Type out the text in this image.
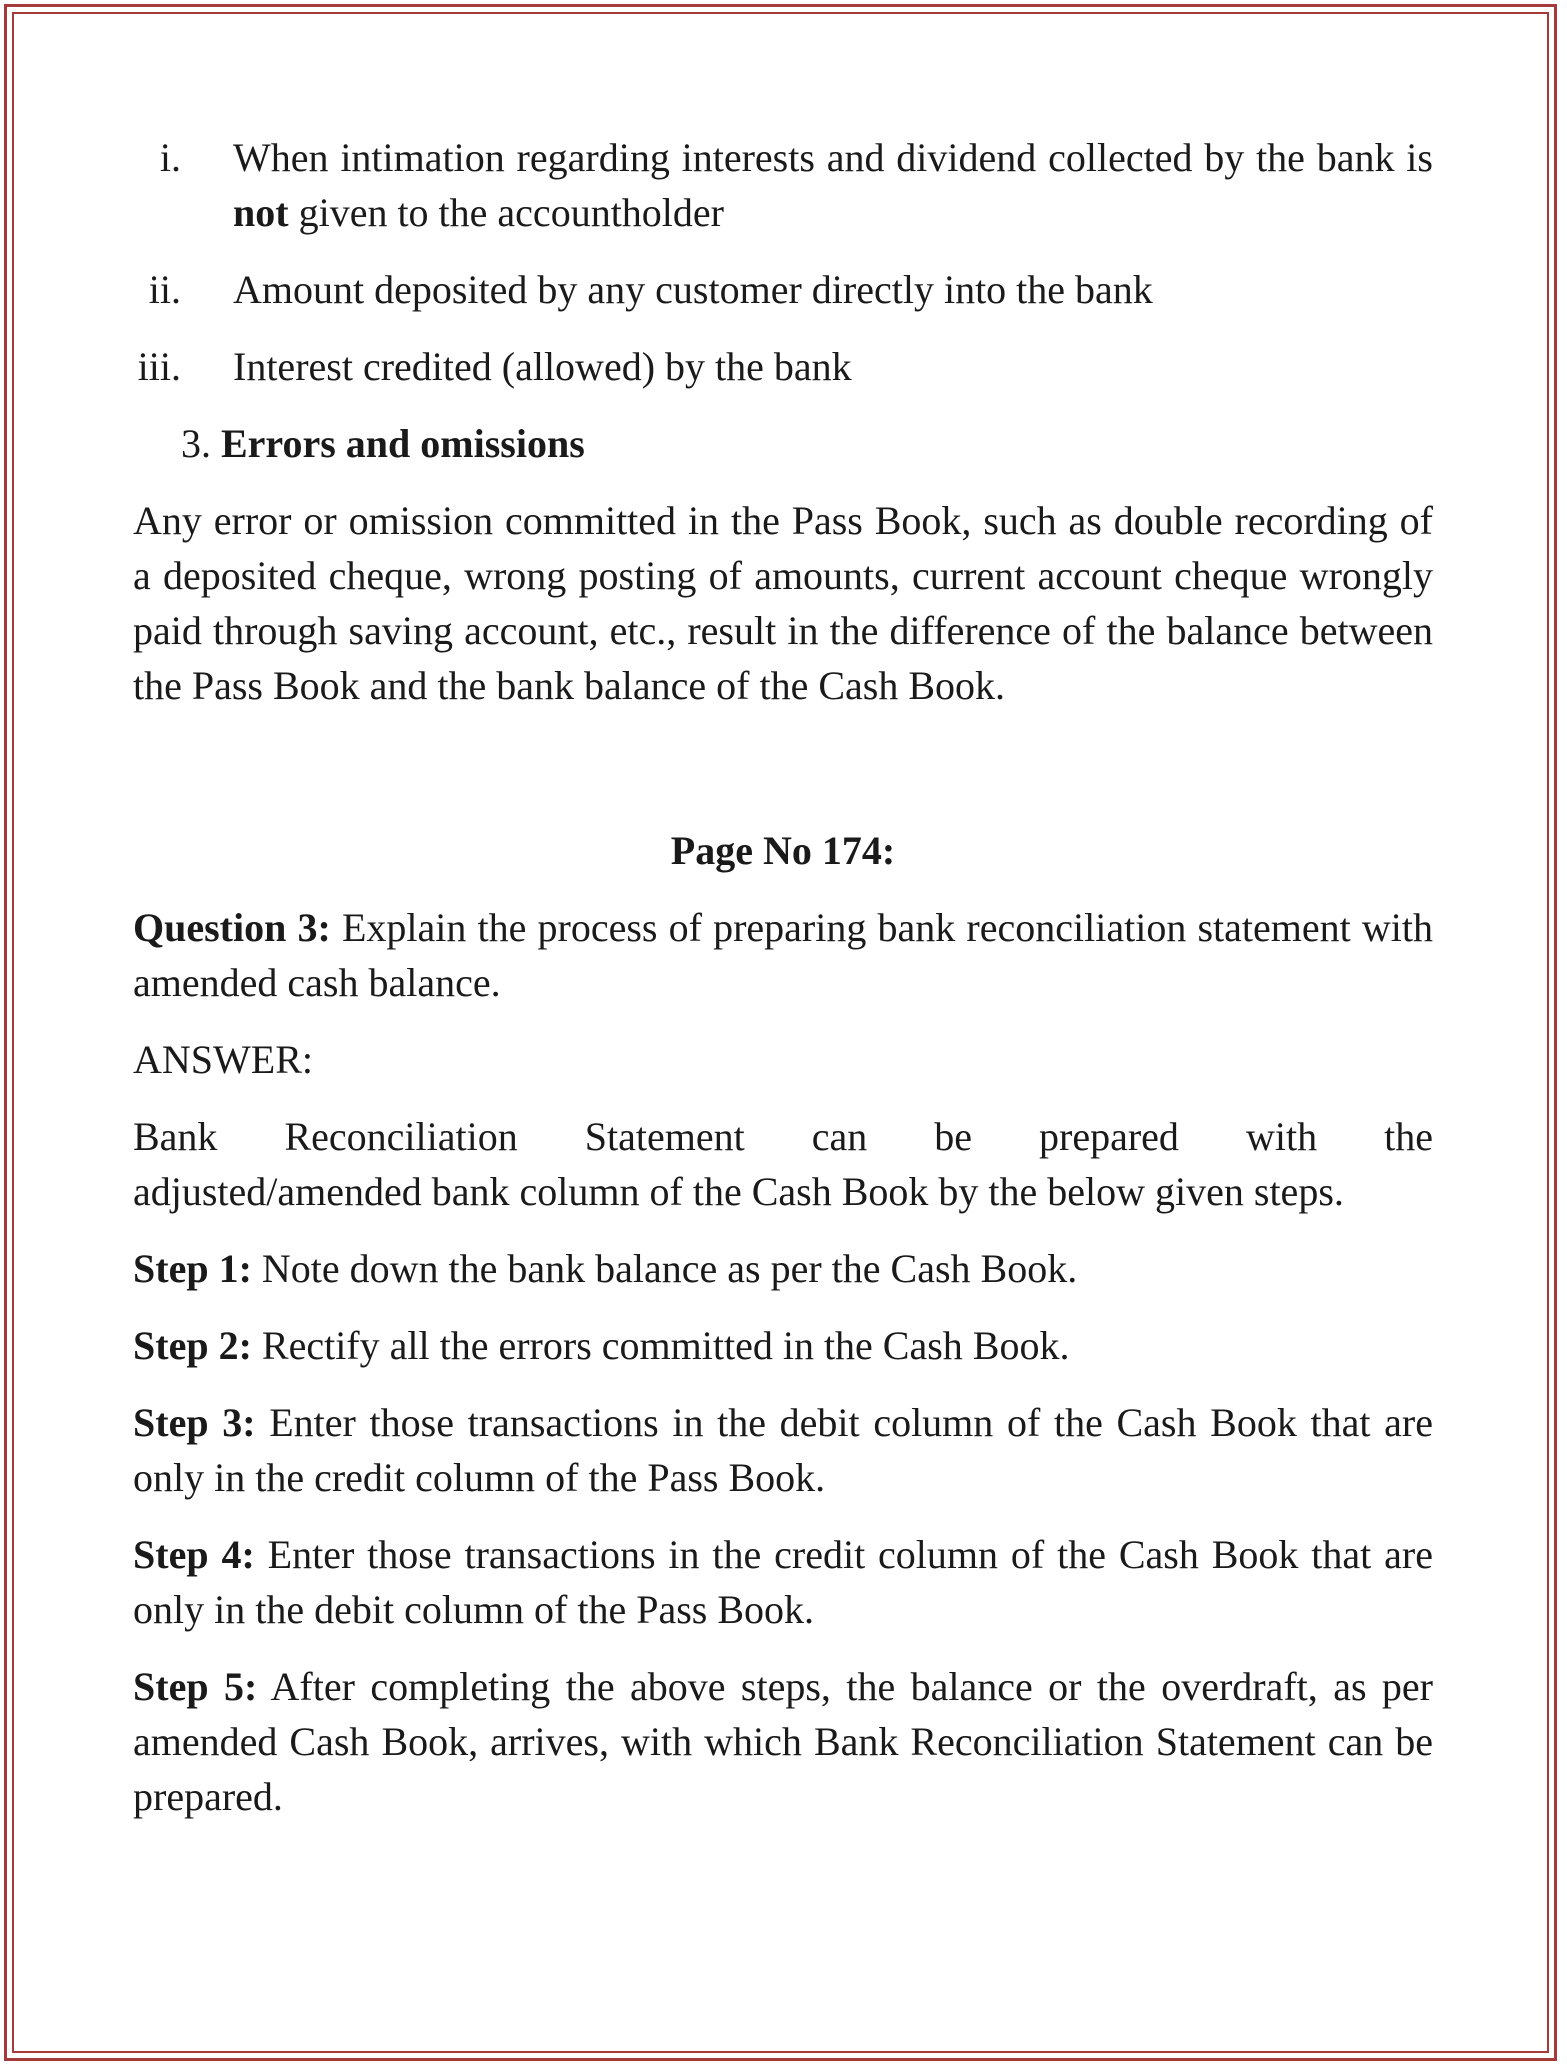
i. When intimation regarding interests and dividend collected by the bank is not given to the accountholder
ii. Amount deposited by any customer directly into the bank
iii. Interest credited (allowed) by the bank
3. Errors and omissions

Any error or omission committed in the Pass Book, such as double recording of a deposited cheque, wrong posting of amounts, current account cheque wrongly paid through saving account, etc., result in the difference of the balance between the Pass Book and the bank balance of the Cash Book.

Page No 174:

Question 3: Explain the process of preparing bank reconciliation statement with amended cash balance.

ANSWER:

Bank Reconciliation Statement can be prepared with the
adjusted/amended bank column of the Cash Book by the below given steps.

Step 1: Note down the bank balance as per the Cash Book.

Step 2: Rectify all the errors committed in the Cash Book.

Step 3: Enter those transactions in the debit column of the Cash Book that are only in the credit column of the Pass Book.

Step 4: Enter those transactions in the credit column of the Cash Book that are only in the debit column of the Pass Book.

Step 5: After completing the above steps, the balance or the overdraft, as per amended Cash Book, arrives, with which Bank Reconciliation Statement can be prepared.
